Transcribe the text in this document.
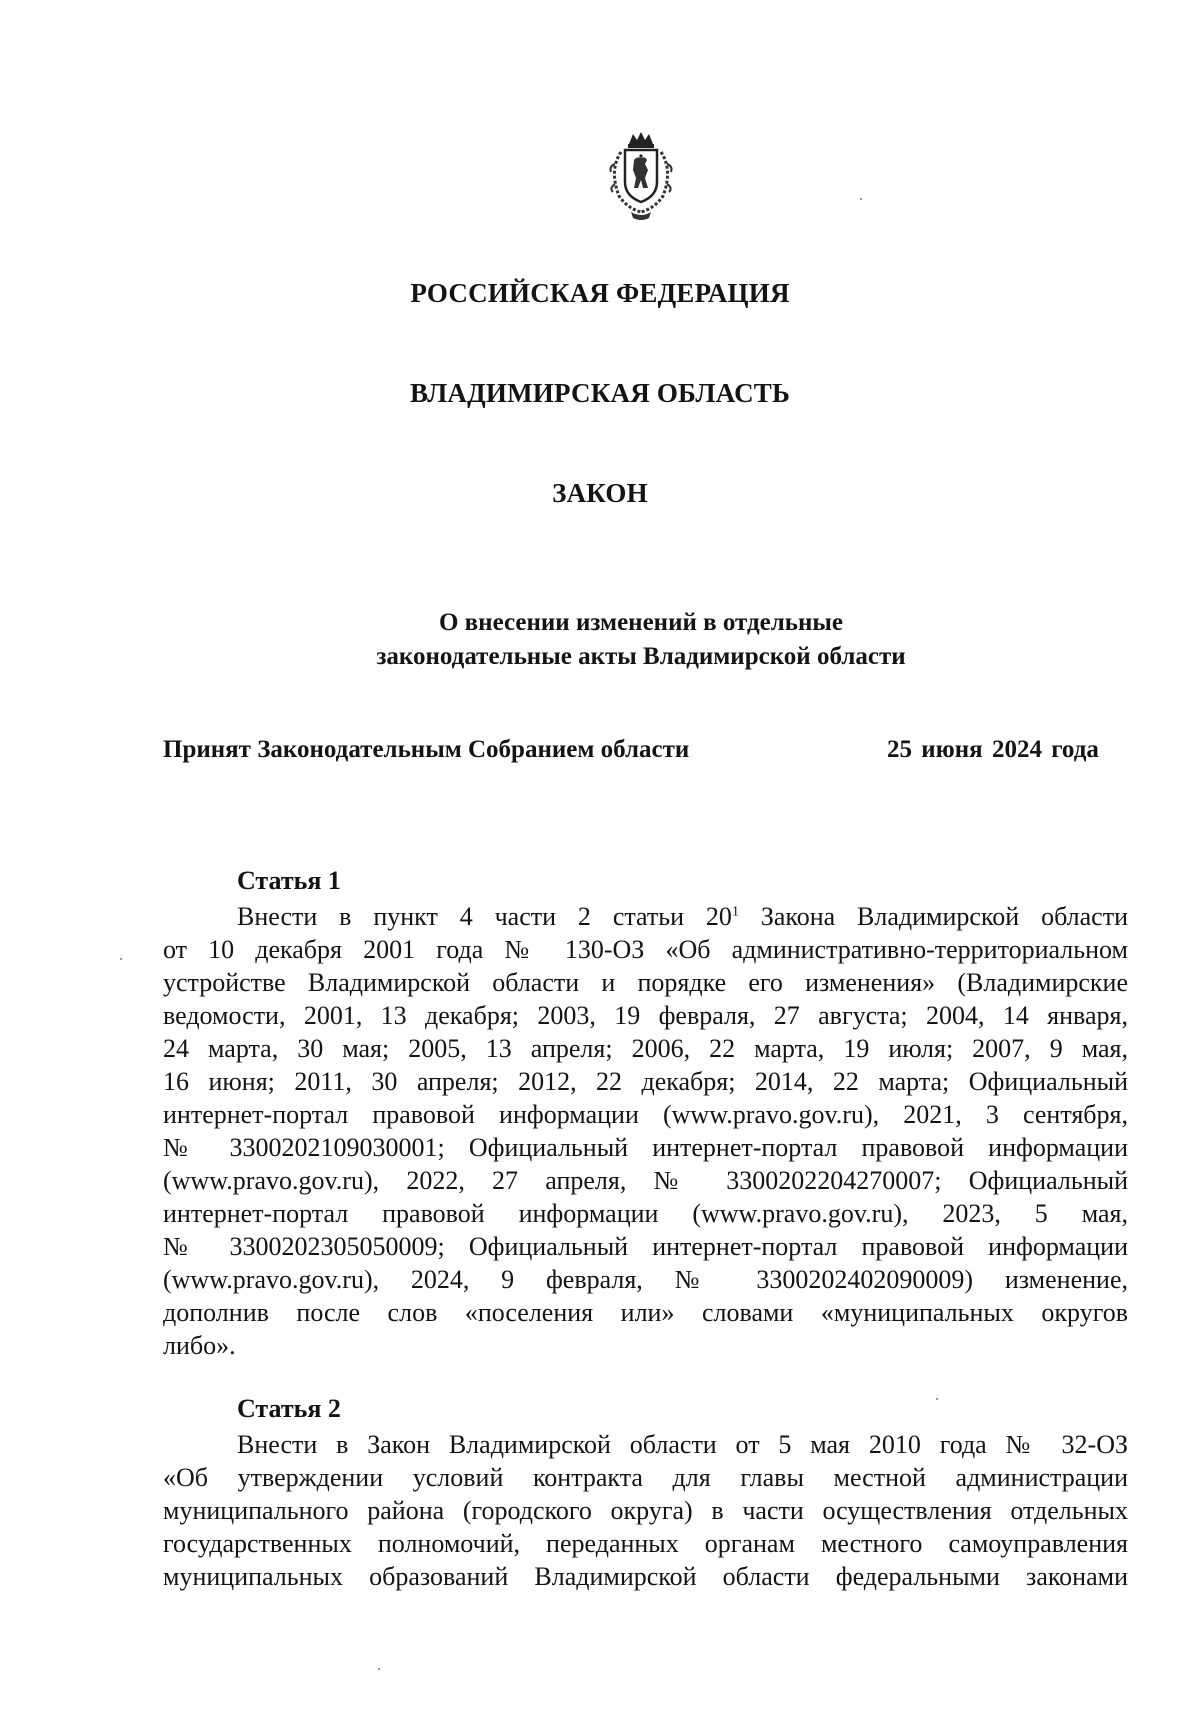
РОССИЙСКАЯ ФЕДЕРАЦИЯ
ВЛАДИМИРСКАЯ ОБЛАСТЬ
ЗАКОН
О внесении изменений в отдельные
законодательные акты Владимирской области
Принят Законодательным Собранием области	25 июня 2024 года
Статья 1
Внести в пункт 4 части 2 статьи $20^1$ Закона Владимирской области
от 10 декабря 2001 года № 130-ОЗ «Об административно-территориальном
устройстве Владимирской области и порядке его изменения» (Владимирские
ведомости, 2001, 13 декабря; 2003, 19 февраля, 27 августа; 2004, 14 января,
24 марта, 30 мая; 2005, 13 апреля; 2006, 22 марта, 19 июля; 2007, 9 мая,
16 июня; 2011, 30 апреля; 2012, 22 декабря; 2014, 22 марта; Официальный
интернет-портал правовой информации (www.pravo.gov.ru), 2021, 3 сентября,
№ 3300202109030001; Официальный интернет-портал правовой информации
(www.pravo.gov.ru), 2022, 27 апреля, № 3300202204270007; Официальный
интернет-портал правовой информации (www.pravo.gov.ru), 2023, 5 мая,
№ 3300202305050009; Официальный интернет-портал правовой информации
(www.pravo.gov.ru), 2024, 9 февраля, № 3300202402090009) изменение,
дополнив после слов «поселения или» словами «муниципальных округов
либо».
Статья 2
Внести в Закон Владимирской области от 5 мая 2010 года № 32-ОЗ
«Об утверждении условий контракта для главы местной администрации
муниципального района (городского округа) в части осуществления отдельных
государственных полномочий, переданных органам местного самоуправления
муниципальных образований Владимирской области федеральными законами
